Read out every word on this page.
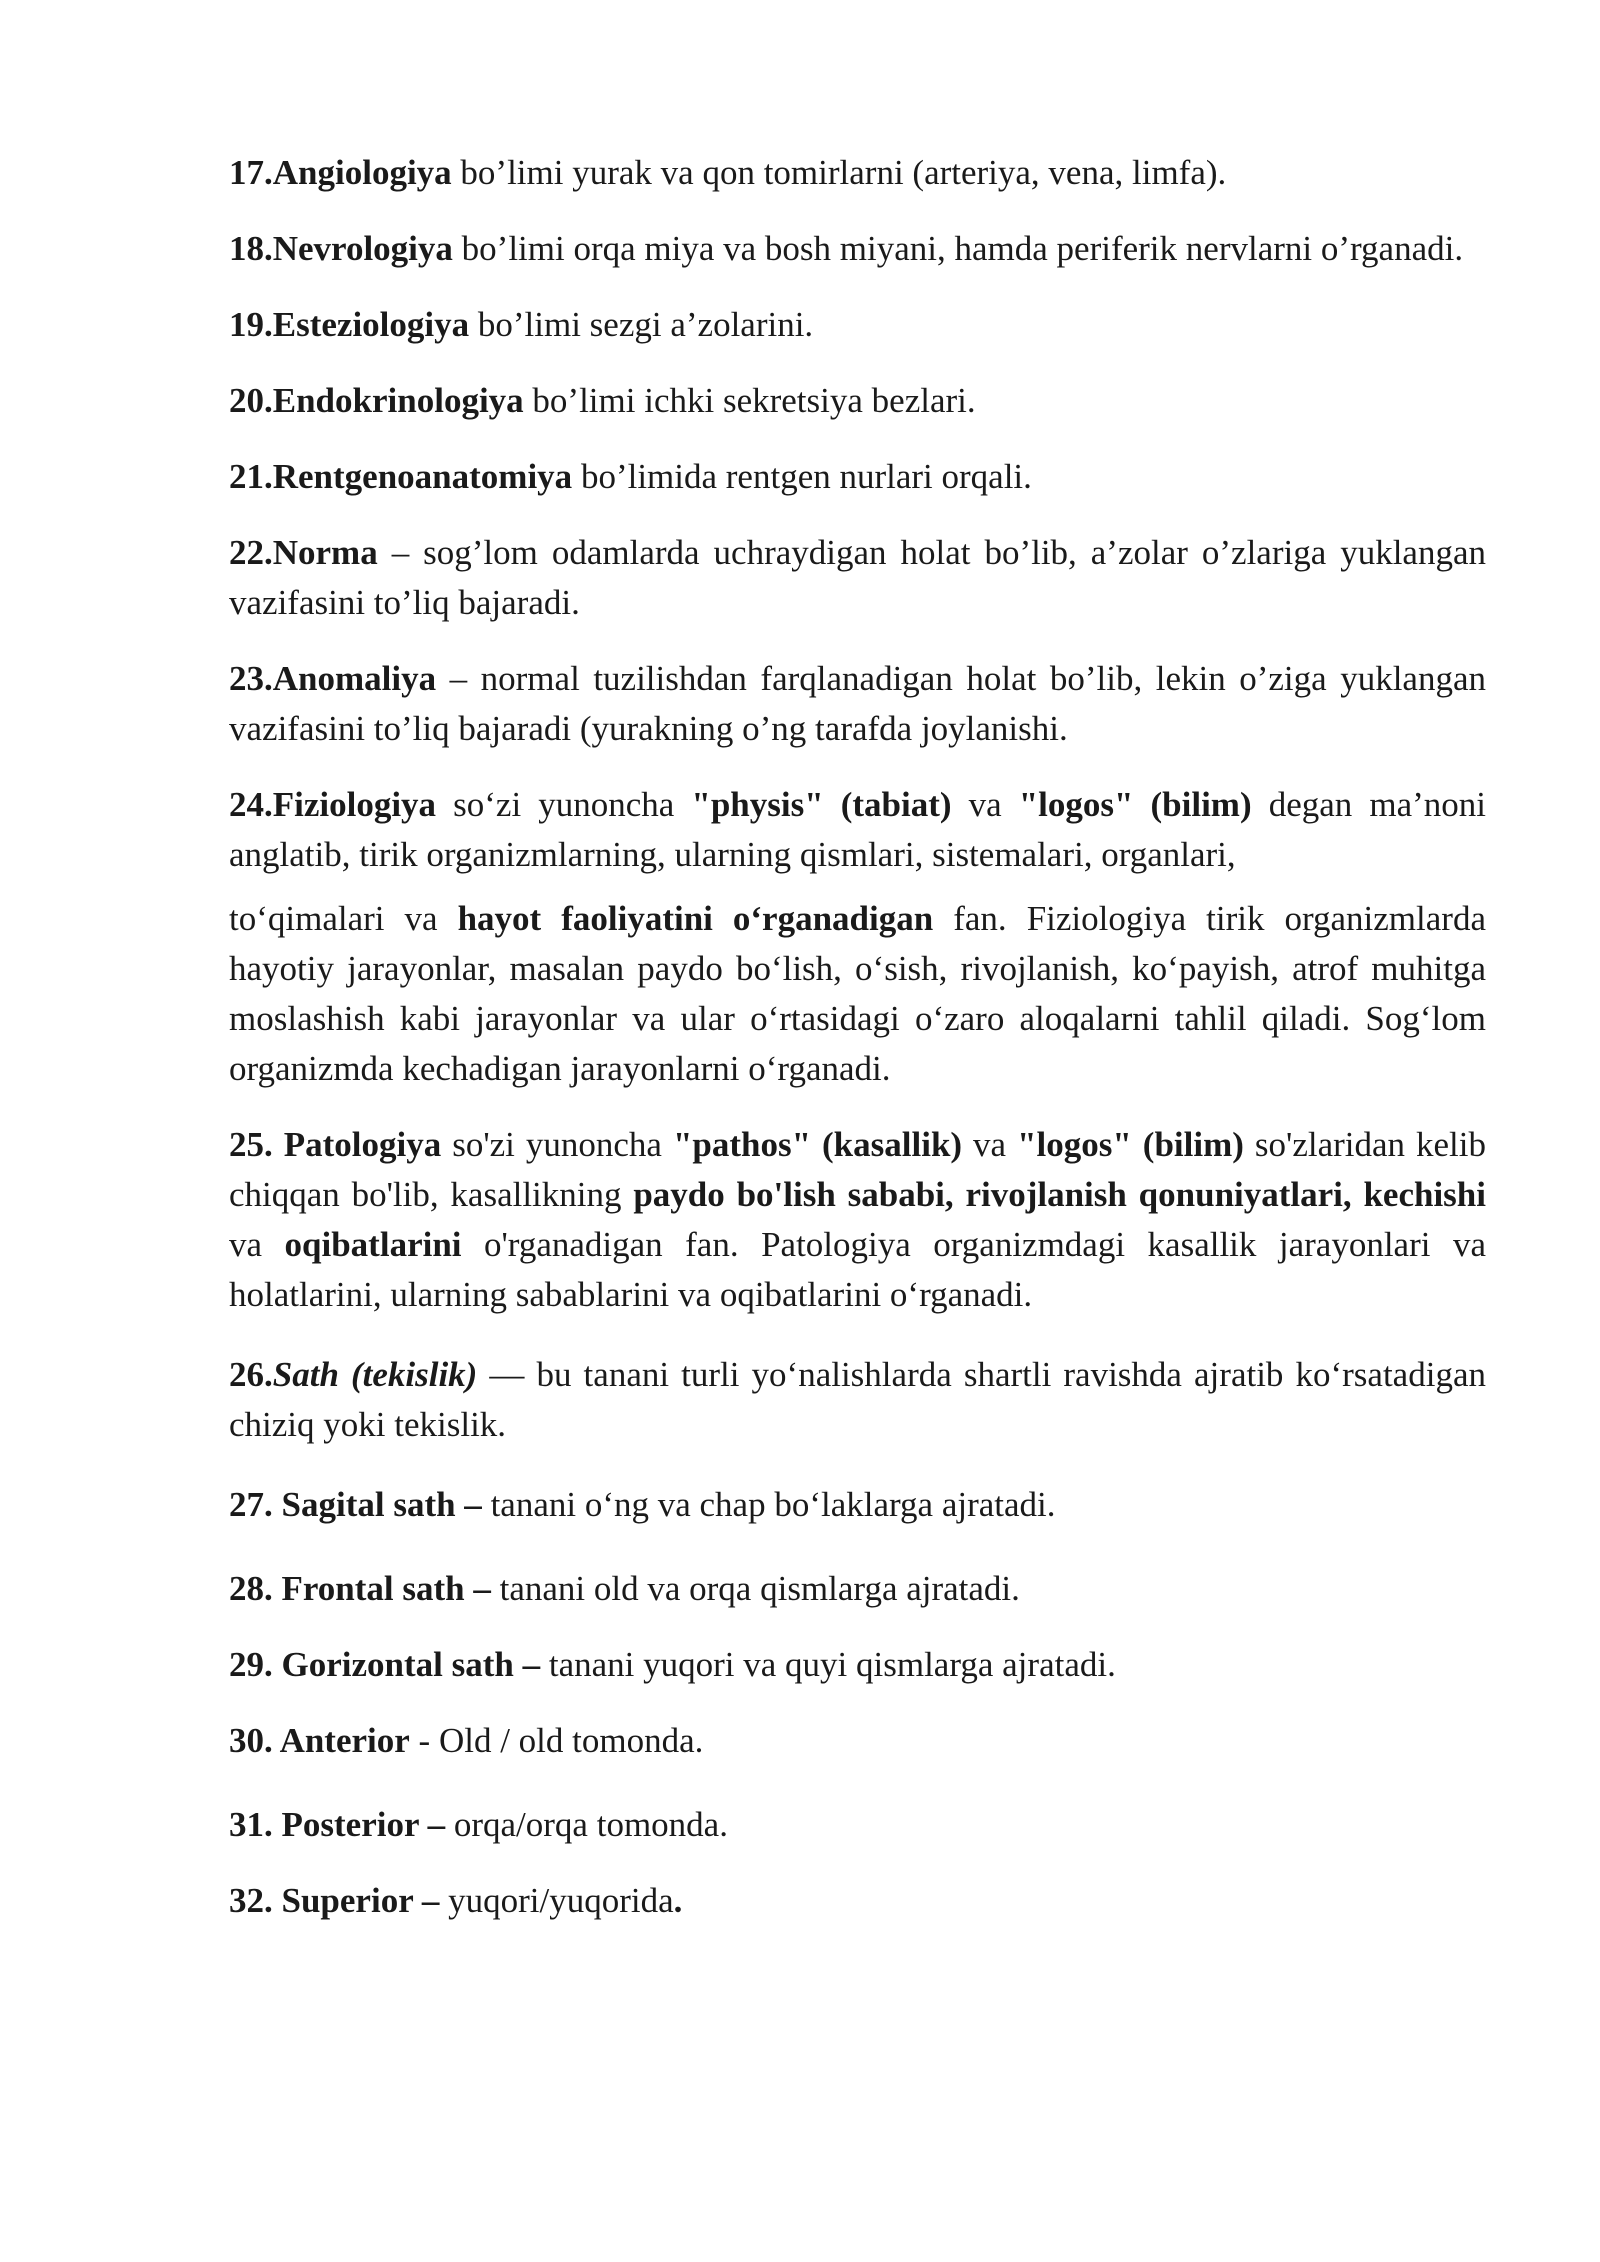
17.Angiologiya bo’limi yurak va qon tomirlarni (arteriya, vena, limfa).

18.Nevrologiya bo’limi orqa miya va bosh miyani, hamda periferik nervlarni o’rganadi.

19.Esteziologiya bo’limi sezgi a’zolarini.

20.Endokrinologiya bo’limi ichki sekretsiya bezlari.

21.Rentgenoanatomiya bo’limida rentgen nurlari orqali.

22.Norma – sog’lom odamlarda uchraydigan holat bo’lib, a’zolar o’zlariga yuklangan vazifasini to’liq bajaradi.

23.Anomaliya – normal tuzilishdan farqlanadigan holat bo’lib, lekin o’ziga yuklangan vazifasini to’liq bajaradi (yurakning o’ng tarafda joylanishi.

24.Fiziologiya so‘zi yunoncha "physis" (tabiat) va "logos" (bilim) degan ma’noni anglatib, tirik organizmlarning, ularning qismlari, sistemalari, organlari,
to‘qimalari va hayot faoliyatini o‘rganadigan fan. Fiziologiya tirik organizmlarda hayotiy jarayonlar, masalan paydo bo‘lish, o‘sish, rivojlanish, ko‘payish, atrof muhitga moslashish kabi jarayonlar va ular o‘rtasidagi o‘zaro aloqalarni tahlil qiladi. Sog‘lom organizmda kechadigan jarayonlarni o‘rganadi.

25. Patologiya so'zi yunoncha "pathos" (kasallik) va "logos" (bilim) so'zlaridan kelib chiqqan bo'lib, kasallikning paydo bo'lish sababi, rivojlanish qonuniyatlari, kechishi va oqibatlarini o'rganadigan fan. Patologiya organizmdagi kasallik jarayonlari va holatlarini, ularning sabablarini va oqibatlarini o‘rganadi.

26.Sath (tekislik) — bu tanani turli yo‘nalishlarda shartli ravishda ajratib ko‘rsatadigan chiziq yoki tekislik.

27. Sagital sath – tanani o‘ng va chap bo‘laklarga ajratadi.

28. Frontal sath – tanani old va orqa qismlarga ajratadi.

29. Gorizontal sath – tanani yuqori va quyi qismlarga ajratadi.

30. Anterior - Old / old tomonda.

31. Posterior – orqa/orqa tomonda.

32. Superior – yuqori/yuqorida.
